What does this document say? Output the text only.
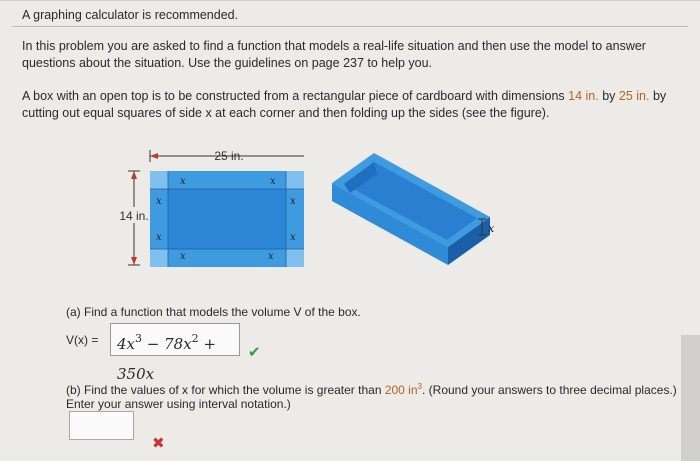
A graphing calculator is recommended.
In this problem you are asked to find a function that models a real-life situation and then use the model to answer questions about the situation. Use the guidelines on page 237 to help you.
A box with an open top is to be constructed from a rectangular piece of cardboard with dimensions 14 in. by 25 in. by cutting out equal squares of side x at each corner and then folding up the sides (see the figure).
25 in.
14 in.
x	x
x	x
x	x
x	x
x
(a) Find a function that models the volume V of the box.
V(x) =	$4x^3 - 78x^2 + 350x$
✔
(b) Find the values of x for which the volume is greater than 200 $in^3$. (Round your answers to three decimal places.)
Enter your answer using interval notation.)
✖
